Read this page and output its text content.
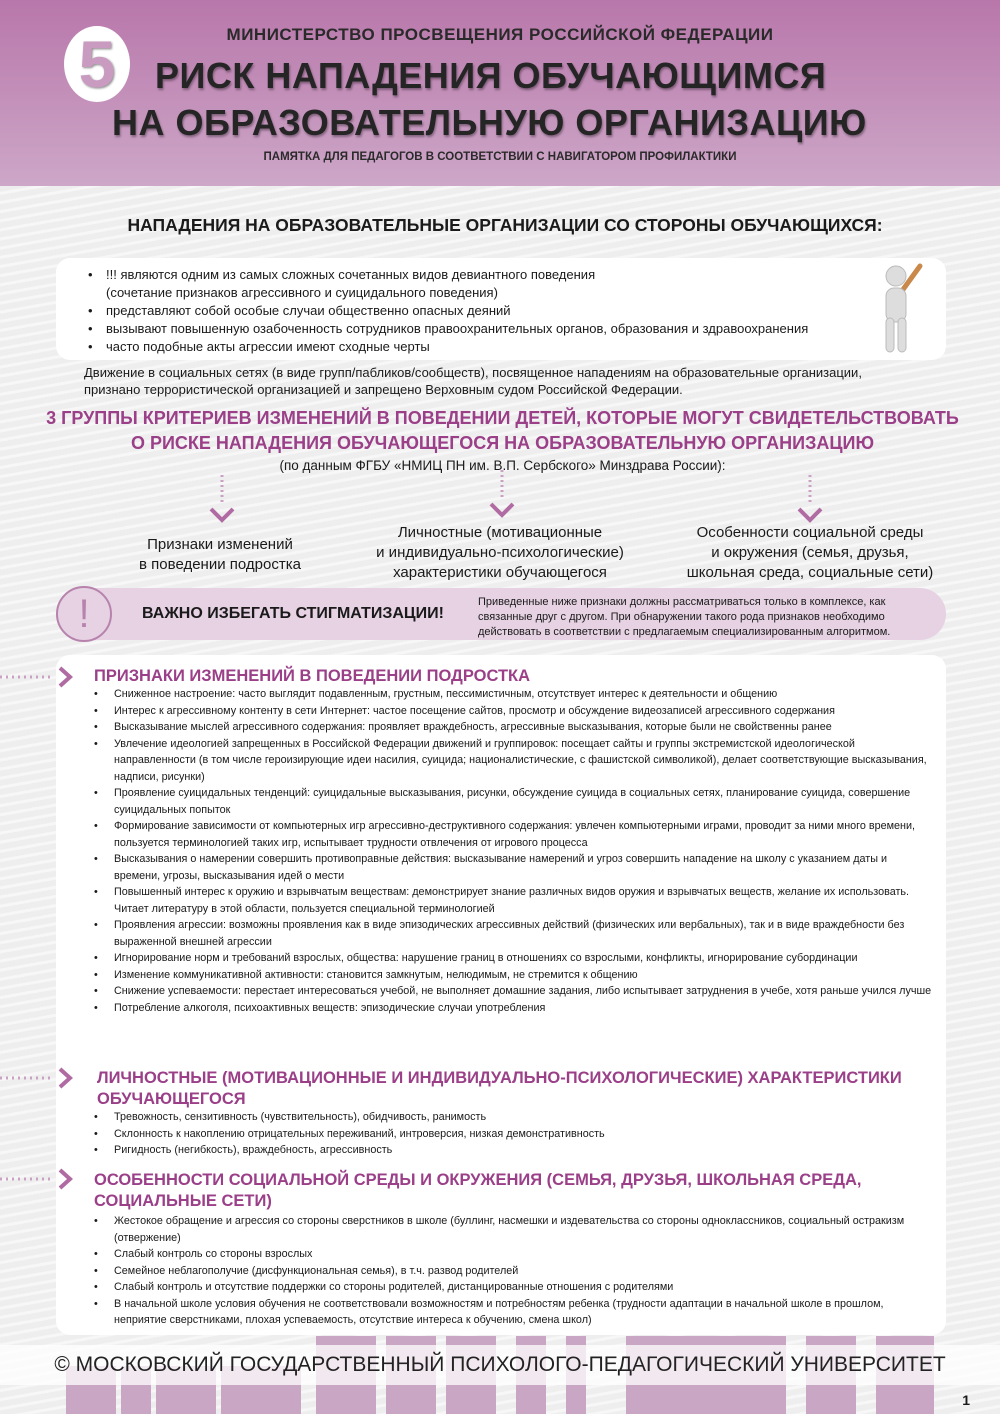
5	МИНИСТЕРСТВО ПРОСВЕЩЕНИЯ РОССИЙСКОЙ ФЕДЕРАЦИИ
РИСК НАПАДЕНИЯ ОБУЧАЮЩИМСЯ
НА ОБРАЗОВАТЕЛЬНУЮ ОРГАНИЗАЦИЮ
ПАМЯТКА ДЛЯ ПЕДАГОГОВ В СООТВЕТСТВИИ С НАВИГАТОРОМ ПРОФИЛАКТИКИ
НАПАДЕНИЯ НА ОБРАЗОВАТЕЛЬНЫЕ ОРГАНИЗАЦИИ СО СТОРОНЫ ОБУЧАЮЩИХСЯ:
• !!! являются одним из самых сложных сочетанных видов девиантного поведения
(сочетание признаков агрессивного и суицидального поведения)
• представляют собой особые случаи общественно опасных деяний
• вызывают повышенную озабоченность сотрудников правоохранительных органов, образования и здравоохранения
• часто подобные акты агрессии имеют сходные черты
Движение в социальных сетях (в виде групп/пабликов/сообществ), посвященное нападениям на образовательные организации,
признано террористической организацией и запрещено Верховным судом Российской Федерации.
3 ГРУППЫ КРИТЕРИЕВ ИЗМЕНЕНИЙ В ПОВЕДЕНИИ ДЕТЕЙ, КОТОРЫЕ МОГУТ СВИДЕТЕЛЬСТВОВАТЬ
О РИСКЕ НАПАДЕНИЯ ОБУЧАЮЩЕГОСЯ НА ОБРАЗОВАТЕЛЬНУЮ ОРГАНИЗАЦИЮ
(по данным ФГБУ «НМИЦ ПН им. В.П. Сербского» Минздрава России):
Признаки изменений
в поведении подростка
Личностные (мотивационные
и индивидуально-психологические)
характеристики обучающегося
Особенности социальной среды
и окружения (семья, друзья,
школьная среда, социальные сети)
!	ВАЖНО ИЗБЕГАТЬ СТИГМАТИЗАЦИИ!
Приведенные ниже признаки должны рассматриваться только в комплексе, как связанные друг с другом. При обнаружении такого рода признаков необходимо действовать в соответствии с предлагаемым специализированным алгоритмом.
ПРИЗНАКИ ИЗМЕНЕНИЙ В ПОВЕДЕНИИ ПОДРОСТКА
• Сниженное настроение: часто выглядит подавленным, грустным, пессимистичным, отсутствует интерес к деятельности и общению
• Интерес к агрессивному контенту в сети Интернет: частое посещение сайтов, просмотр и обсуждение видеозаписей агрессивного содержания
• Высказывание мыслей агрессивного содержания: проявляет враждебность, агрессивные высказывания, которые были не свойственны ранее
• Увлечение идеологией запрещенных в Российской Федерации движений и группировок: посещает сайты и группы экстремистской идеологической направленности (в том числе героизирующие идеи насилия, суицида; националистические, с фашистской символикой), делает соответствующие высказывания, надписи, рисунки)
• Проявление суицидальных тенденций: суицидальные высказывания, рисунки, обсуждение суицида в социальных сетях, планирование суицида, совершение суицидальных попыток
• Формирование зависимости от компьютерных игр агрессивно-деструктивного содержания: увлечен компьютерными играми, проводит за ними много времени, пользуется терминологией таких игр, испытывает трудности отвлечения от игрового процесса
• Высказывания о намерении совершить противоправные действия: высказывание намерений и угроз совершить нападение на школу с указанием даты и времени, угрозы, высказывания идей о мести
• Повышенный интерес к оружию и взрывчатым веществам: демонстрирует знание различных видов оружия и взрывчатых веществ, желание их использовать. Читает литературу в этой области, пользуется специальной терминологией
• Проявления агрессии: возможны проявления как в виде эпизодических агрессивных действий (физических или вербальных), так и в виде враждебности без выраженной внешней агрессии
• Игнорирование норм и требований взрослых, общества: нарушение границ в отношениях со взрослыми, конфликты, игнорирование субординации
• Изменение коммуникативной активности: становится замкнутым, нелюдимым, не стремится к общению
• Снижение успеваемости: перестает интересоваться учебой, не выполняет домашние задания, либо испытывает затруднения в учебе, хотя раньше учился лучше
• Потребление алкоголя, психоактивных веществ: эпизодические случаи употребления
ЛИЧНОСТНЫЕ (МОТИВАЦИОННЫЕ И ИНДИВИДУАЛЬНО-ПСИХОЛОГИЧЕСКИЕ) ХАРАКТЕРИСТИКИ ОБУЧАЮЩЕГОСЯ
• Тревожность, сензитивность (чувствительность), обидчивость, ранимость
• Склонность к накоплению отрицательных переживаний, интроверсия, низкая демонстративность
• Ригидность (негибкость), враждебность, агрессивность
ОСОБЕННОСТИ СОЦИАЛЬНОЙ СРЕДЫ И ОКРУЖЕНИЯ (СЕМЬЯ, ДРУЗЬЯ, ШКОЛЬНАЯ СРЕДА, СОЦИАЛЬНЫЕ СЕТИ)
• Жестокое обращение и агрессия со стороны сверстников в школе (буллинг, насмешки и издевательства со стороны одноклассников, социальный остракизм (отвержение)
• Слабый контроль со стороны взрослых
• Семейное неблагополучие (дисфункциональная семья), в т.ч. развод родителей
• Слабый контроль и отсутствие поддержки со стороны родителей, дистанцированные отношения с родителями
• В начальной школе условия обучения не соответствовали возможностям и потребностям ребенка (трудности адаптации в начальной школе в прошлом, неприятие сверстниками, плохая успеваемость, отсутствие интереса к обучению, смена школ)
© МОСКОВСКИЙ ГОСУДАРСТВЕННЫЙ ПСИХОЛОГО-ПЕДАГОГИЧЕСКИЙ УНИВЕРСИТЕТ
1
